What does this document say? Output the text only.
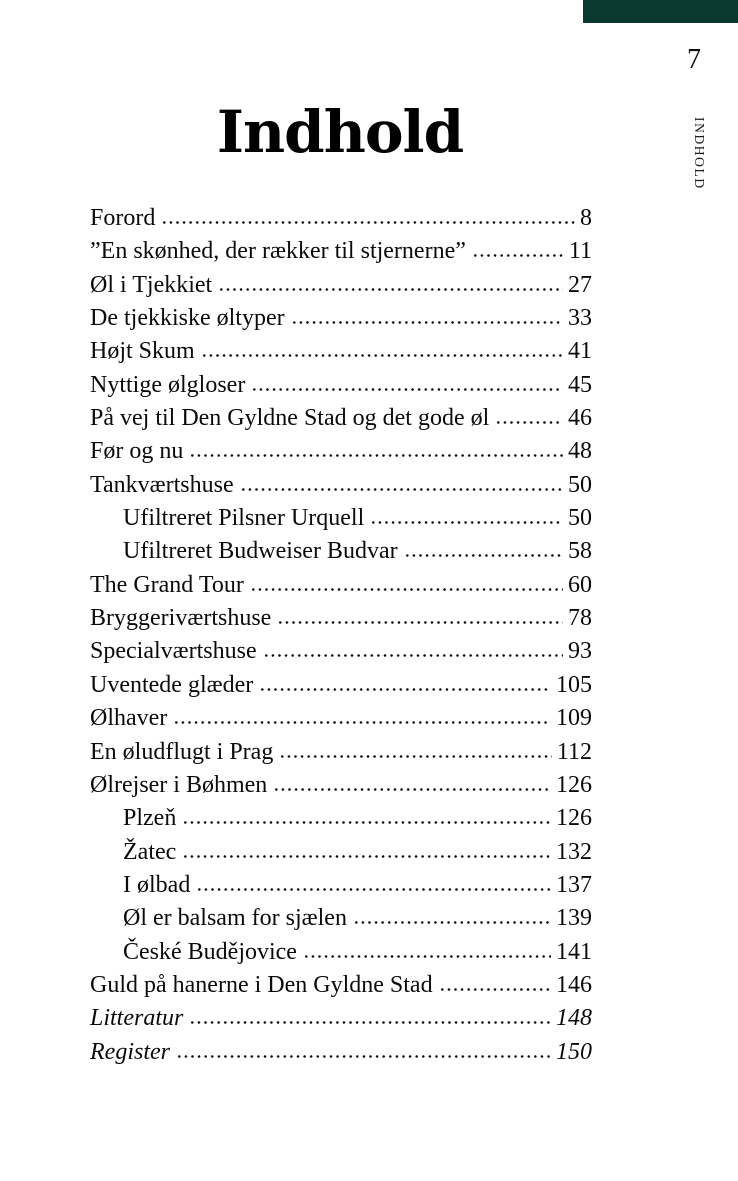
7
INDHOLD
Indhold
Forord	8
”En skønhed, der rækker til stjernerne”	11
Øl i Tjekkiet	27
De tjekkiske øltyper	33
Højt Skum	41
Nyttige ølgloser	45
På vej til Den Gyldne Stad og det gode øl	46
Før og nu	48
Tankværtshuse	50
Ufiltreret Pilsner Urquell	50
Ufiltreret Budweiser Budvar	58
The Grand Tour	60
Bryggeriværtshuse	78
Specialværtshuse	93
Uventede glæder	105
Ølhaver	109
En øludflugt i Prag	112
Ølrejser i Bøhmen	126
Plzeň	126
Žatec	132
I ølbad	137
Øl er balsam for sjælen	139
České Budějovice	141
Guld på hanerne i Den Gyldne Stad	146
Litteratur	148
Register	150
